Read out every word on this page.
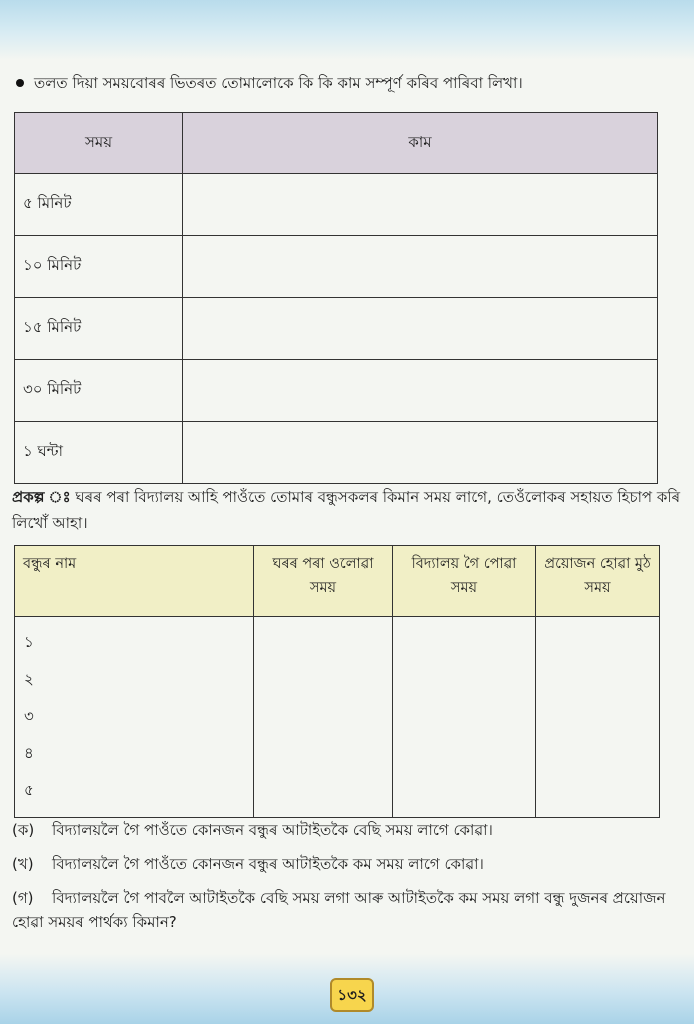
তলত দিয়া সময়বোৰৰ ভিতৰত তোমালোকে কি কি কাম সম্পূর্ণ কৰিব পাৰিবা লিখা।
সময়	কাম
৫ মিনিট	
১০ মিনিট	
১৫ মিনিট	
৩০ মিনিট	
১ ঘন্টা	
প্ৰকল্প ঃ ঘৰৰ পৰা বিদ্যালয় আহি পাওঁতে তোমাৰ বন্ধুসকলৰ কিমান সময় লাগে, তেওঁলোকৰ সহায়ত হিচাপ কৰি লিখোঁ আহা।
বন্ধুৰ নাম	ঘৰৰ পৰা ওলোৱা সময়	বিদ্যালয় গৈ পোৱা সময়	প্ৰয়োজন হোৱা মুঠ সময়

১
২
৩
৪
৫			

(ক) বিদ্যালয়লৈ গৈ পাওঁতে কোনজন বন্ধুৰ আটাইতকৈ বেছি সময় লাগে কোৱা।
(খ) বিদ্যালয়লৈ গৈ পাওঁতে কোনজন বন্ধুৰ আটাইতকৈ কম সময় লাগে কোৱা।
(গ) বিদ্যালয়লৈ গৈ পাবলৈ আটাইতকৈ বেছি সময় লগা আৰু আটাইতকৈ কম সময় লগা বন্ধু দুজনৰ প্ৰয়োজন হোৱা সময়ৰ পাৰ্থক্য কিমান?
১৩২
